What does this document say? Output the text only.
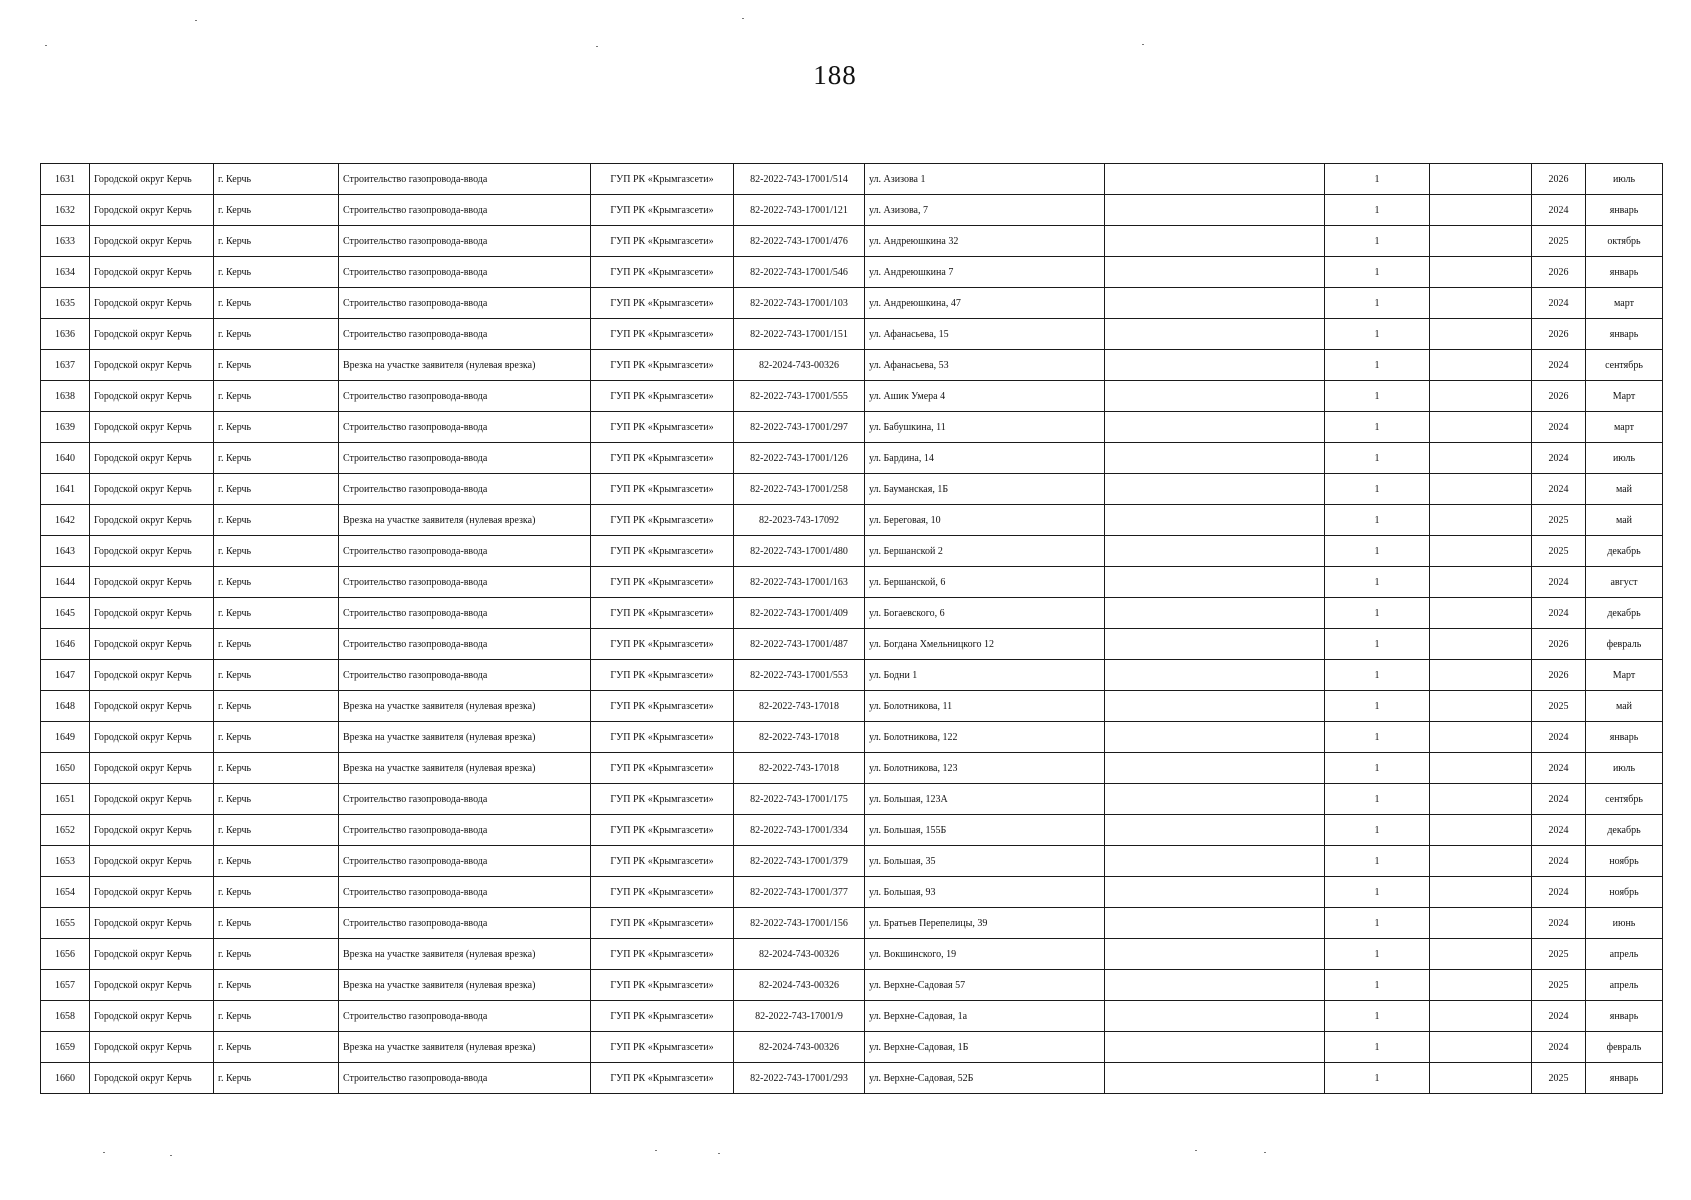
188
1631	Городской округ Керчь	г. Керчь	Строительство газопровода-ввода	ГУП РК «Крымгазсети»	82-2022-743-17001/514	ул. Азизова 1		1		2026	июль
1632	Городской округ Керчь	г. Керчь	Строительство газопровода-ввода	ГУП РК «Крымгазсети»	82-2022-743-17001/121	ул. Азизова, 7		1		2024	январь
1633	Городской округ Керчь	г. Керчь	Строительство газопровода-ввода	ГУП РК «Крымгазсети»	82-2022-743-17001/476	ул. Андреюшкина 32		1		2025	октябрь
1634	Городской округ Керчь	г. Керчь	Строительство газопровода-ввода	ГУП РК «Крымгазсети»	82-2022-743-17001/546	ул. Андреюшкина 7		1		2026	январь
1635	Городской округ Керчь	г. Керчь	Строительство газопровода-ввода	ГУП РК «Крымгазсети»	82-2022-743-17001/103	ул. Андреюшкина, 47		1		2024	март
1636	Городской округ Керчь	г. Керчь	Строительство газопровода-ввода	ГУП РК «Крымгазсети»	82-2022-743-17001/151	ул. Афанасьева, 15		1		2026	январь
1637	Городской округ Керчь	г. Керчь	Врезка на участке заявителя (нулевая врезка)	ГУП РК «Крымгазсети»	82-2024-743-00326	ул. Афанасьева, 53		1		2024	сентябрь
1638	Городской округ Керчь	г. Керчь	Строительство газопровода-ввода	ГУП РК «Крымгазсети»	82-2022-743-17001/555	ул. Ашик Умера 4		1		2026	Март
1639	Городской округ Керчь	г. Керчь	Строительство газопровода-ввода	ГУП РК «Крымгазсети»	82-2022-743-17001/297	ул. Бабушкина, 11		1		2024	март
1640	Городской округ Керчь	г. Керчь	Строительство газопровода-ввода	ГУП РК «Крымгазсети»	82-2022-743-17001/126	ул. Бардина, 14		1		2024	июль
1641	Городской округ Керчь	г. Керчь	Строительство газопровода-ввода	ГУП РК «Крымгазсети»	82-2022-743-17001/258	ул. Бауманская, 1Б		1		2024	май
1642	Городской округ Керчь	г. Керчь	Врезка на участке заявителя (нулевая врезка)	ГУП РК «Крымгазсети»	82-2023-743-17092	ул. Береговая, 10		1		2025	май
1643	Городской округ Керчь	г. Керчь	Строительство газопровода-ввода	ГУП РК «Крымгазсети»	82-2022-743-17001/480	ул. Бершанской 2		1		2025	декабрь
1644	Городской округ Керчь	г. Керчь	Строительство газопровода-ввода	ГУП РК «Крымгазсети»	82-2022-743-17001/163	ул. Бершанской, 6		1		2024	август
1645	Городской округ Керчь	г. Керчь	Строительство газопровода-ввода	ГУП РК «Крымгазсети»	82-2022-743-17001/409	ул. Богаевского, 6		1		2024	декабрь
1646	Городской округ Керчь	г. Керчь	Строительство газопровода-ввода	ГУП РК «Крымгазсети»	82-2022-743-17001/487	ул. Богдана Хмельницкого 12		1		2026	февраль
1647	Городской округ Керчь	г. Керчь	Строительство газопровода-ввода	ГУП РК «Крымгазсети»	82-2022-743-17001/553	ул. Бодни 1		1		2026	Март
1648	Городской округ Керчь	г. Керчь	Врезка на участке заявителя (нулевая врезка)	ГУП РК «Крымгазсети»	82-2022-743-17018	ул. Болотникова, 11		1		2025	май
1649	Городской округ Керчь	г. Керчь	Врезка на участке заявителя (нулевая врезка)	ГУП РК «Крымгазсети»	82-2022-743-17018	ул. Болотникова, 122		1		2024	январь
1650	Городской округ Керчь	г. Керчь	Врезка на участке заявителя (нулевая врезка)	ГУП РК «Крымгазсети»	82-2022-743-17018	ул. Болотникова, 123		1		2024	июль
1651	Городской округ Керчь	г. Керчь	Строительство газопровода-ввода	ГУП РК «Крымгазсети»	82-2022-743-17001/175	ул. Большая, 123А		1		2024	сентябрь
1652	Городской округ Керчь	г. Керчь	Строительство газопровода-ввода	ГУП РК «Крымгазсети»	82-2022-743-17001/334	ул. Большая, 155Б		1		2024	декабрь
1653	Городской округ Керчь	г. Керчь	Строительство газопровода-ввода	ГУП РК «Крымгазсети»	82-2022-743-17001/379	ул. Большая, 35		1		2024	ноябрь
1654	Городской округ Керчь	г. Керчь	Строительство газопровода-ввода	ГУП РК «Крымгазсети»	82-2022-743-17001/377	ул. Большая, 93		1		2024	ноябрь
1655	Городской округ Керчь	г. Керчь	Строительство газопровода-ввода	ГУП РК «Крымгазсети»	82-2022-743-17001/156	ул. Братьев Перепелицы, 39		1		2024	июнь
1656	Городской округ Керчь	г. Керчь	Врезка на участке заявителя (нулевая врезка)	ГУП РК «Крымгазсети»	82-2024-743-00326	ул. Вокшинского, 19		1		2025	апрель
1657	Городской округ Керчь	г. Керчь	Врезка на участке заявителя (нулевая врезка)	ГУП РК «Крымгазсети»	82-2024-743-00326	ул. Верхне-Садовая 57		1		2025	апрель
1658	Городской округ Керчь	г. Керчь	Строительство газопровода-ввода	ГУП РК «Крымгазсети»	82-2022-743-17001/9	ул. Верхне-Садовая, 1а		1		2024	январь
1659	Городской округ Керчь	г. Керчь	Врезка на участке заявителя (нулевая врезка)	ГУП РК «Крымгазсети»	82-2024-743-00326	ул. Верхне-Садовая, 1Б		1		2024	февраль
1660	Городской округ Керчь	г. Керчь	Строительство газопровода-ввода	ГУП РК «Крымгазсети»	82-2022-743-17001/293	ул. Верхне-Садовая, 52Б		1		2025	январь
